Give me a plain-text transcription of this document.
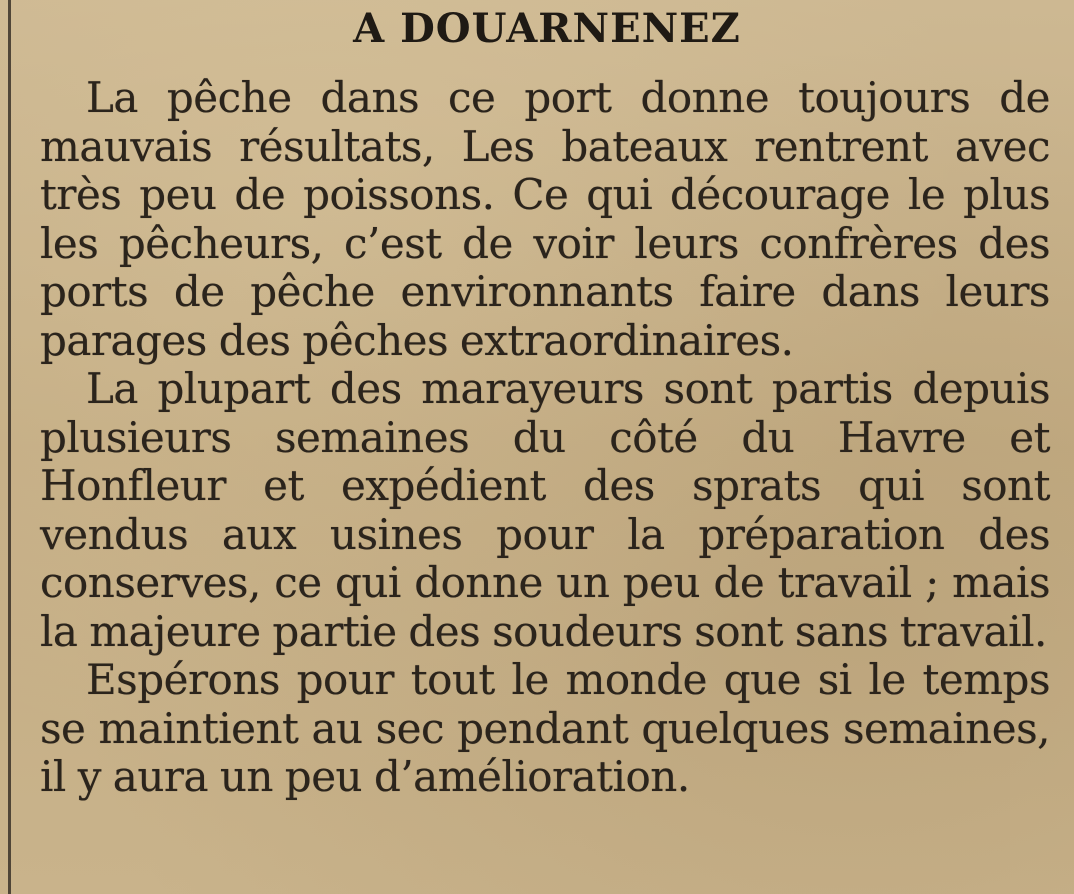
A DOUARNENEZ

La pêche dans ce port donne toujours de mauvais résultats, Les bateaux rentrent avec très peu de poissons. Ce qui décourage le plus les pêcheurs, c’est de voir leurs confrères des ports de pêche environnants faire dans leurs parages des pêches extraordinaires.

La plupart des marayeurs sont partis depuis plusieurs semaines du côté du Havre et Honfleur et expédient des sprats qui sont vendus aux usines pour la préparation des conserves, ce qui donne un peu de travail ; mais la majeure partie des soudeurs sont sans travail.

Espérons pour tout le monde que si le temps se maintient au sec pendant quelques semaines, il y aura un peu d’amélioration.
